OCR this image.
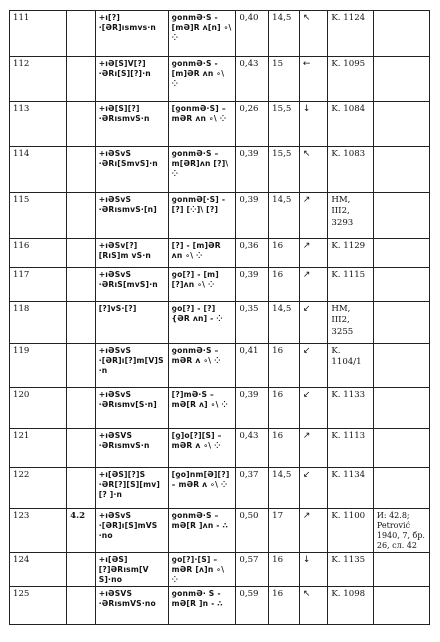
111		+ı[?] ·[ƏR]ısmvs·n	ƍonmƏ·S - [mƏ]R ʌ[n] ∘\ ⁘	0,40	14,5	↖	K. 1124	
112		+ıƏ[S]V[?] ·ƏRı[S][?]·n	ƍonmƏ·S - [m]ƏR ʌn ∘\ ⁘	0,43	15	←	K. 1095	
113		+ıƏ[S][?] ·ƏRısmvS·n	[ƍonmƏ·S] – mƏR ʌn ∘\ ⁘	0,26	15,5	↓	K. 1084	
114		+ıƏSvS ·ƏRı[SmvS]·n	ƍonmƏ·S – m[ƏR]ʌn [?]\ ⁘	0,39	15,5	↖	K. 1083	
115		+ıƏSvS ·ƏRısmvS·[n]	ƍonmƏ[·S] - [?] [⁘]\ [?]	0,39	14,5	↗	HM, III2, 3293	
116		+ıƏSv[?][RıS]m vS·n	[?] - [m]ƏR ʌn ∘\ ⁘	0,36	16	↗	K. 1129	
117		+ıƏSvS ·ƏRıS[mvS]·n	ƍo[?] - [m][?]ʌn ∘\ ⁘	0,39	16	↗	K. 1115	
118		[?]vS·[?]	ƍo[?] - [?]{ƏR ʌn] - ⁘	0,35	14,5	↙	HM, III2, 3255	
119		+ıƏSvS ·[ƏR]ı[?]m[V]S ·n	ƍonmƏ·S – mƏR ʌ ∘\ ⁘	0,41	16	↙	K. 1104/1	
120		+ıƏSvS ·ƏRısmv[S·n]	[?]mƏ·S – mƏ[R ʌ] ∘\ ⁘	0,39	16	↙	K. 1133	
121		+ıƏSVS ·ƏRısmvS·n	[ƍ]o[?][S] – mƏR ʌ ∘\ ⁘	0,43	16	↗	K. 1113	
122		+ı[ƏS][?]S ·ƏR[?][S][mv][? ]·n	[ƍo]nm[Ə][?] – mƏR ʌ ∘\ ⁘	0,37	14,5	↙	K. 1134	
123	4.2	+ıƏSvS ·[ƏR]ı[S]mVS ·no	ƍonmƏ·S – mƏ[R ]ʌn - ∴	0,50	17	↗	K. 1100	И: 42.8; Petrović 1940, 7, бр. 26, сл. 42
124		+ı[ƏS][?]ƏRısm[V S]·no	ƍo[?]·[S] – mƏR [ʌ]n ∘\ ⁘	0,57	16	↓	K. 1135	
125		+ıƏSVS ·ƏRısmVS·no	ƍonmƏ· S - mƏ[R ]n - ∴	0,59	16	↖	K. 1098	
